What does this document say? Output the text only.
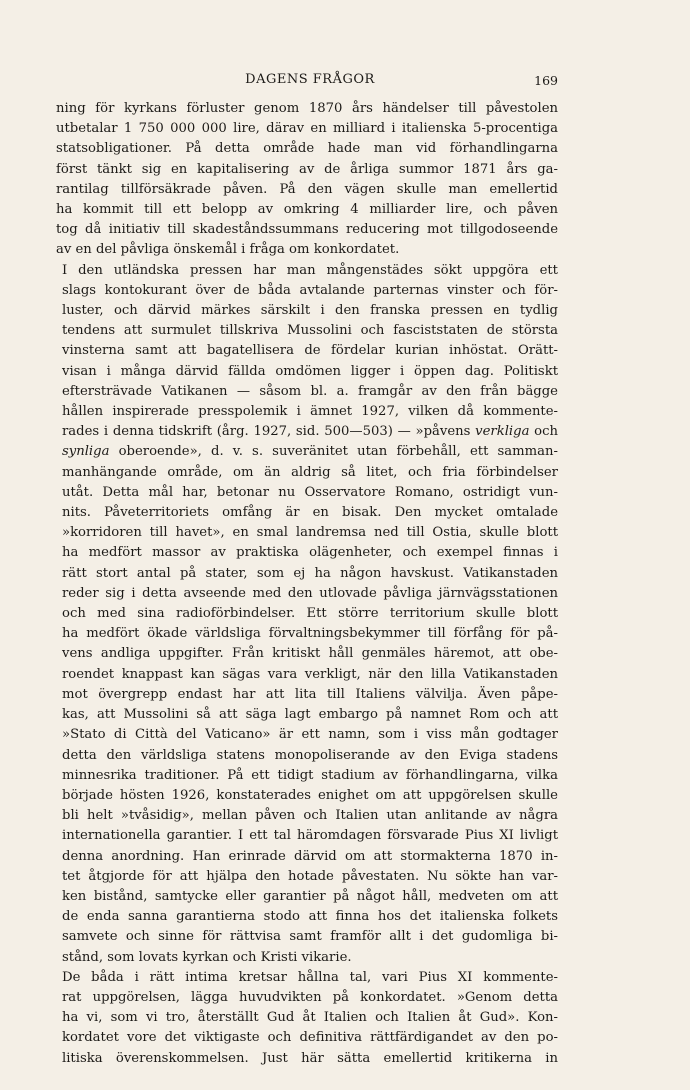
DAGENS FRÅGOR	169

ning för kyrkans förluster genom 1870 års händelser till påvestolen
utbetalar 1 750 000 000 lire, därav en milliard i italienska 5-procentiga
statsobligationer. På detta område hade man vid förhandlingarna
först tänkt sig en kapitalisering av de årliga summor 1871 års ga-
rantilag tillförsäkrade påven. På den vägen skulle man emellertid
ha kommit till ett belopp av omkring 4 milliarder lire, och påven
tog då initiativ till skadeståndssummans reducering mot tillgodoseende
av en del påvliga önskemål i fråga om konkordatet.

I den utländska pressen har man mångenstädes sökt uppgöra ett
slags kontokurant över de båda avtalande parternas vinster och för-
luster, och därvid märkes särskilt i den franska pressen en tydlig
tendens att surmulet tillskriva Mussolini och fasciststaten de största
vinsterna samt att bagatellisera de fördelar kurian inhöstat. Orätt-
visan i många därvid fällda omdömen ligger i öppen dag. Politiskt
eftersträvade Vatikanen — såsom bl. a. framgår av den från bägge
hållen inspirerade presspolemik i ämnet 1927, vilken då kommente-
rades i denna tidskrift (årg. 1927, sid. 500—503) — »påvens verkliga och
synliga oberoende», d. v. s. suveränitet utan förbehåll, ett samman-
manhängande område, om än aldrig så litet, och fria förbindelser
utåt. Detta mål har, betonar nu Osservatore Romano, ostridigt vun-
nits. Påveterritoriets omfång är en bisak. Den mycket omtalade
»korridoren till havet», en smal landremsa ned till Ostia, skulle blott
ha medfört massor av praktiska olägenheter, och exempel finnas i
rätt stort antal på stater, som ej ha någon havskust. Vatikanstaden
reder sig i detta avseende med den utlovade påvliga järnvägsstationen
och med sina radioförbindelser. Ett större territorium skulle blott
ha medfört ökade världsliga förvaltningsbekymmer till förfång för på-
vens andliga uppgifter. Från kritiskt håll genmäles häremot, att obe-
roendet knappast kan sägas vara verkligt, när den lilla Vatikanstaden
mot övergrepp endast har att lita till Italiens välvilja. Även påpe-
kas, att Mussolini så att säga lagt embargo på namnet Rom och att
»Stato di Città del Vaticano» är ett namn, som i viss mån godtager
detta den världsliga statens monopoliserande av den Eviga stadens
minnesrika traditioner. På ett tidigt stadium av förhandlingarna, vilka
började hösten 1926, konstaterades enighet om att uppgörelsen skulle
bli helt »tvåsidig», mellan påven och Italien utan anlitande av några
internationella garantier. I ett tal häromdagen försvarade Pius XI livligt
denna anordning. Han erinrade därvid om att stormakterna 1870 in-
tet åtgjorde för att hjälpa den hotade påvestaten. Nu sökte han var-
ken bistånd, samtycke eller garantier på något håll, medveten om att
de enda sanna garantierna stodo att finna hos det italienska folkets
samvete och sinne för rättvisa samt framför allt i det gudomliga bi-
stånd, som lovats kyrkan och Kristi vikarie.

De båda i rätt intima kretsar hållna tal, vari Pius XI kommente-
rat uppgörelsen, lägga huvudvikten på konkordatet. »Genom detta
ha vi, som vi tro, återställt Gud åt Italien och Italien åt Gud». Kon-
kordatet vore det viktigaste och definitiva rättfärdigandet av den po-
litiska överenskommelsen. Just här sätta emellertid kritikerna in
